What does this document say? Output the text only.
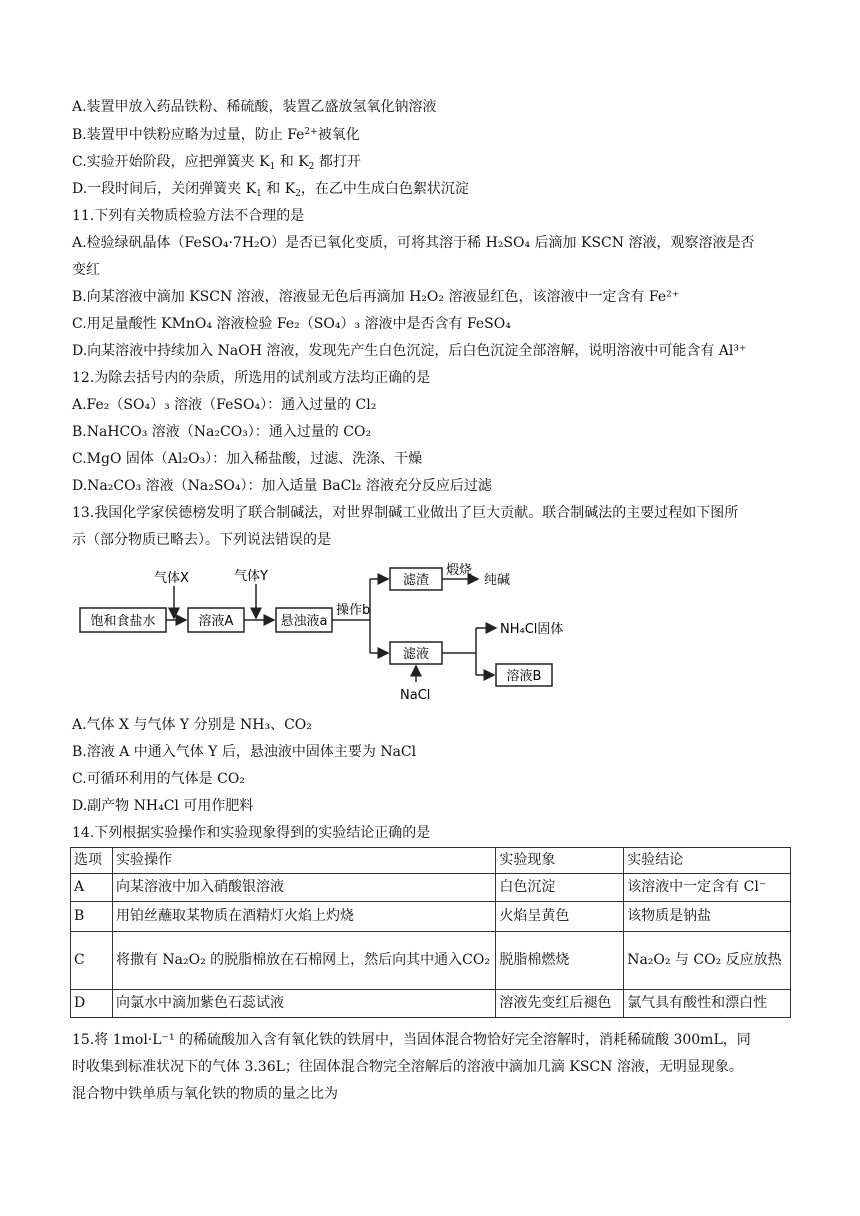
A.装置甲放入药品铁粉、稀硫酸，装置乙盛放氢氧化钠溶液
B.装置甲中铁粉应略为过量，防止 $Fe^{2+}$被氧化
C.实验开始阶段，应把弹簧夹 $K_1$ 和 $K_2$ 都打开
D.一段时间后，关闭弹簧夹 $K_1$ 和 $K_2$，在乙中生成白色絮状沉淀
11.下列有关物质检验方法不合理的是
A.检验绿矾晶体（FeSO₄·7H₂O）是否已氧化变质，可将其溶于稀 H₂SO₄ 后滴加 KSCN 溶液，观察溶液是否
变红
B.向某溶液中滴加 KSCN 溶液，溶液显无色后再滴加 H₂O₂ 溶液显红色，该溶液中一定含有 Fe²⁺
C.用足量酸性 KMnO₄ 溶液检验 Fe₂（SO₄）₃ 溶液中是否含有 FeSO₄
D.向某溶液中持续加入 NaOH 溶液，发现先产生白色沉淀，后白色沉淀全部溶解，说明溶液中可能含有 Al³⁺
12.为除去括号内的杂质，所选用的试剂或方法均正确的是
A.Fe₂（SO₄）₃ 溶液（FeSO₄）：通入过量的 Cl₂
B.NaHCO₃ 溶液（Na₂CO₃）：通入过量的 CO₂
C.MgO 固体（Al₂O₃）：加入稀盐酸，过滤、洗涤、干燥
D.Na₂CO₃ 溶液（Na₂SO₄）：加入适量 BaCl₂ 溶液充分反应后过滤
13.我国化学家侯德榜发明了联合制碱法，对世界制碱工业做出了巨大贡献。联合制碱法的主要过程如下图所
示（部分物质已略去）。下列说法错误的是
饱和食盐水	溶液A	悬浊液a
滤渣
滤液
溶液B
气体X	气体Y
操作b
煅烧
纯碱
NH₄Cl固体
NaCl
A.气体 X 与气体 Y 分别是 NH₃、CO₂
B.溶液 A 中通入气体 Y 后，悬浊液中固体主要为 NaCl
C.可循环利用的气体是 CO₂
D.副产物 NH₄Cl 可用作肥料
14.下列根据实验操作和实验现象得到的实验结论正确的是
选项	实验操作	实验现象	实验结论
A	向某溶液中加入硝酸银溶液	白色沉淀	该溶液中一定含有 Cl⁻
B	用铂丝蘸取某物质在酒精灯火焰上灼烧	火焰呈黄色	该物质是钠盐
C	将撒有 Na₂O₂ 的脱脂棉放在石棉网上，然后向其中通入CO₂	脱脂棉燃烧	Na₂O₂ 与 CO₂ 反应放热
D	向氯水中滴加紫色石蕊试液	溶液先变红后褪色	氯气具有酸性和漂白性
15.将 1mol·L⁻¹ 的稀硫酸加入含有氧化铁的铁屑中，当固体混合物恰好完全溶解时，消耗稀硫酸 300mL，同
时收集到标准状况下的气体 3.36L；往固体混合物完全溶解后的溶液中滴加几滴 KSCN 溶液，无明显现象。
混合物中铁单质与氧化铁的物质的量之比为
